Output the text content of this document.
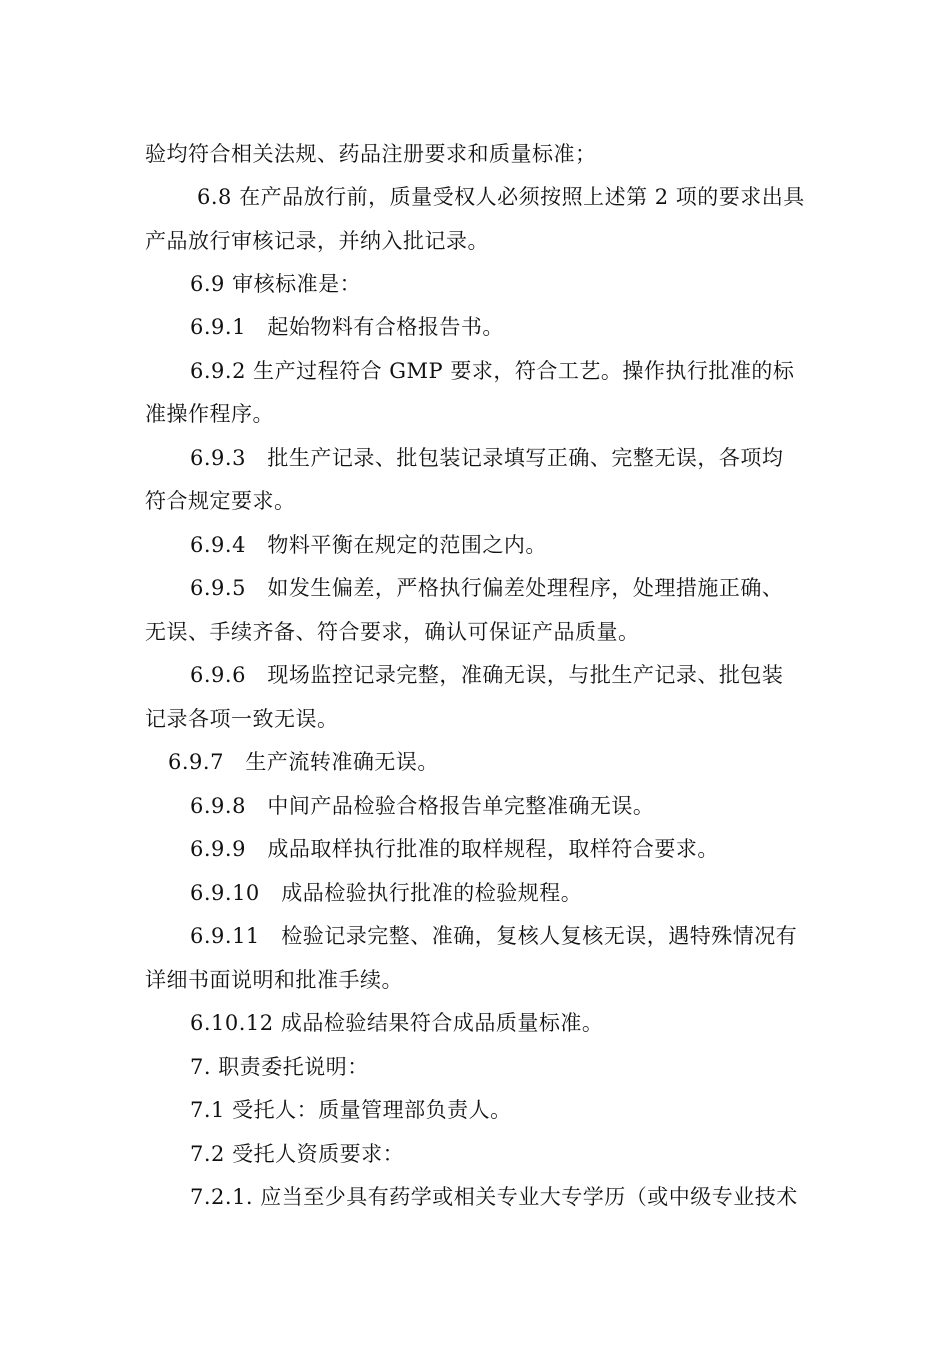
验均符合相关法规、药品注册要求和质量标准；
6.8 在产品放行前，质量受权人必须按照上述第 2 项的要求出具
产品放行审核记录，并纳入批记录。
6.9 审核标准是：
6.9.1　起始物料有合格报告书。
6.9.2 生产过程符合 GMP 要求，符合工艺。操作执行批准的标
准操作程序。
6.9.3　批生产记录、批包装记录填写正确、完整无误，各项均
符合规定要求。
6.9.4　物料平衡在规定的范围之内。
6.9.5　如发生偏差，严格执行偏差处理程序，处理措施正确、
无误、手续齐备、符合要求，确认可保证产品质量。
6.9.6　现场监控记录完整，准确无误，与批生产记录、批包装
记录各项一致无误。
6.9.7　生产流转准确无误。
6.9.8　中间产品检验合格报告单完整准确无误。
6.9.9　成品取样执行批准的取样规程，取样符合要求。
6.9.10　成品检验执行批准的检验规程。
6.9.11　检验记录完整、准确，复核人复核无误，遇特殊情况有
详细书面说明和批准手续。
6.10.12 成品检验结果符合成品质量标准。
7. 职责委托说明：
7.1 受托人：质量管理部负责人。
7.2 受托人资质要求：
7.2.1. 应当至少具有药学或相关专业大专学历（或中级专业技术
